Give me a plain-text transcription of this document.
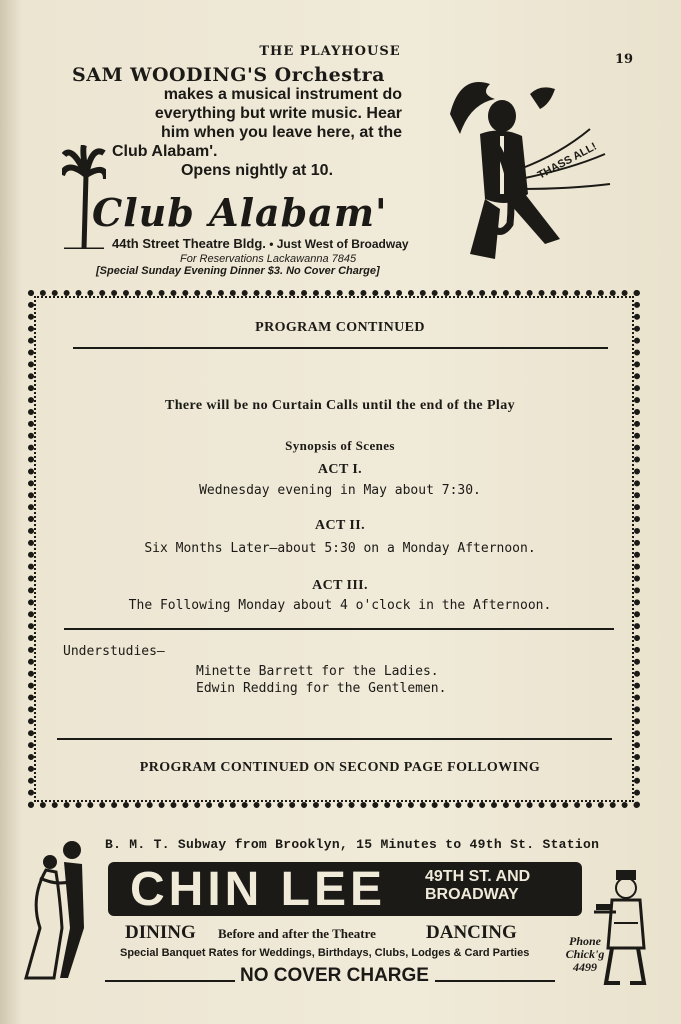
THE PLAYHOUSE
19
SAM WOODING'S Orchestra
makes a musical instrument do
everything but write music. Hear
him when you leave here, at the
Club Alabam'.
Opens nightly at 10.
Club Alabam'
44th Street Theatre Bldg. • Just West of Broadway
For Reservations Lackawanna 7845
[Special Sunday Evening Dinner $3. No Cover Charge]
THASS ALL!
PROGRAM CONTINUED
There will be no Curtain Calls until the end of the Play
Synopsis of Scenes
ACT I.
Wednesday evening in May about 7:30.
ACT II.
Six Months Later—about 5:30 on a Monday Afternoon.
ACT III.
The Following Monday about 4 o'clock in the Afternoon.
Understudies—
Minette Barrett for the Ladies.
Edwin Redding for the Gentlemen.
PROGRAM CONTINUED ON SECOND PAGE FOLLOWING
B. M. T. Subway from Brooklyn, 15 Minutes to 49th St. Station
CHIN LEE 49TH ST. AND
BROADWAY
DINING Before and after the Theatre	DANCING
Special Banquet Rates for Weddings, Birthdays, Clubs, Lodges & Card Parties
NO COVER CHARGE
Phone
Chick'g
4499
